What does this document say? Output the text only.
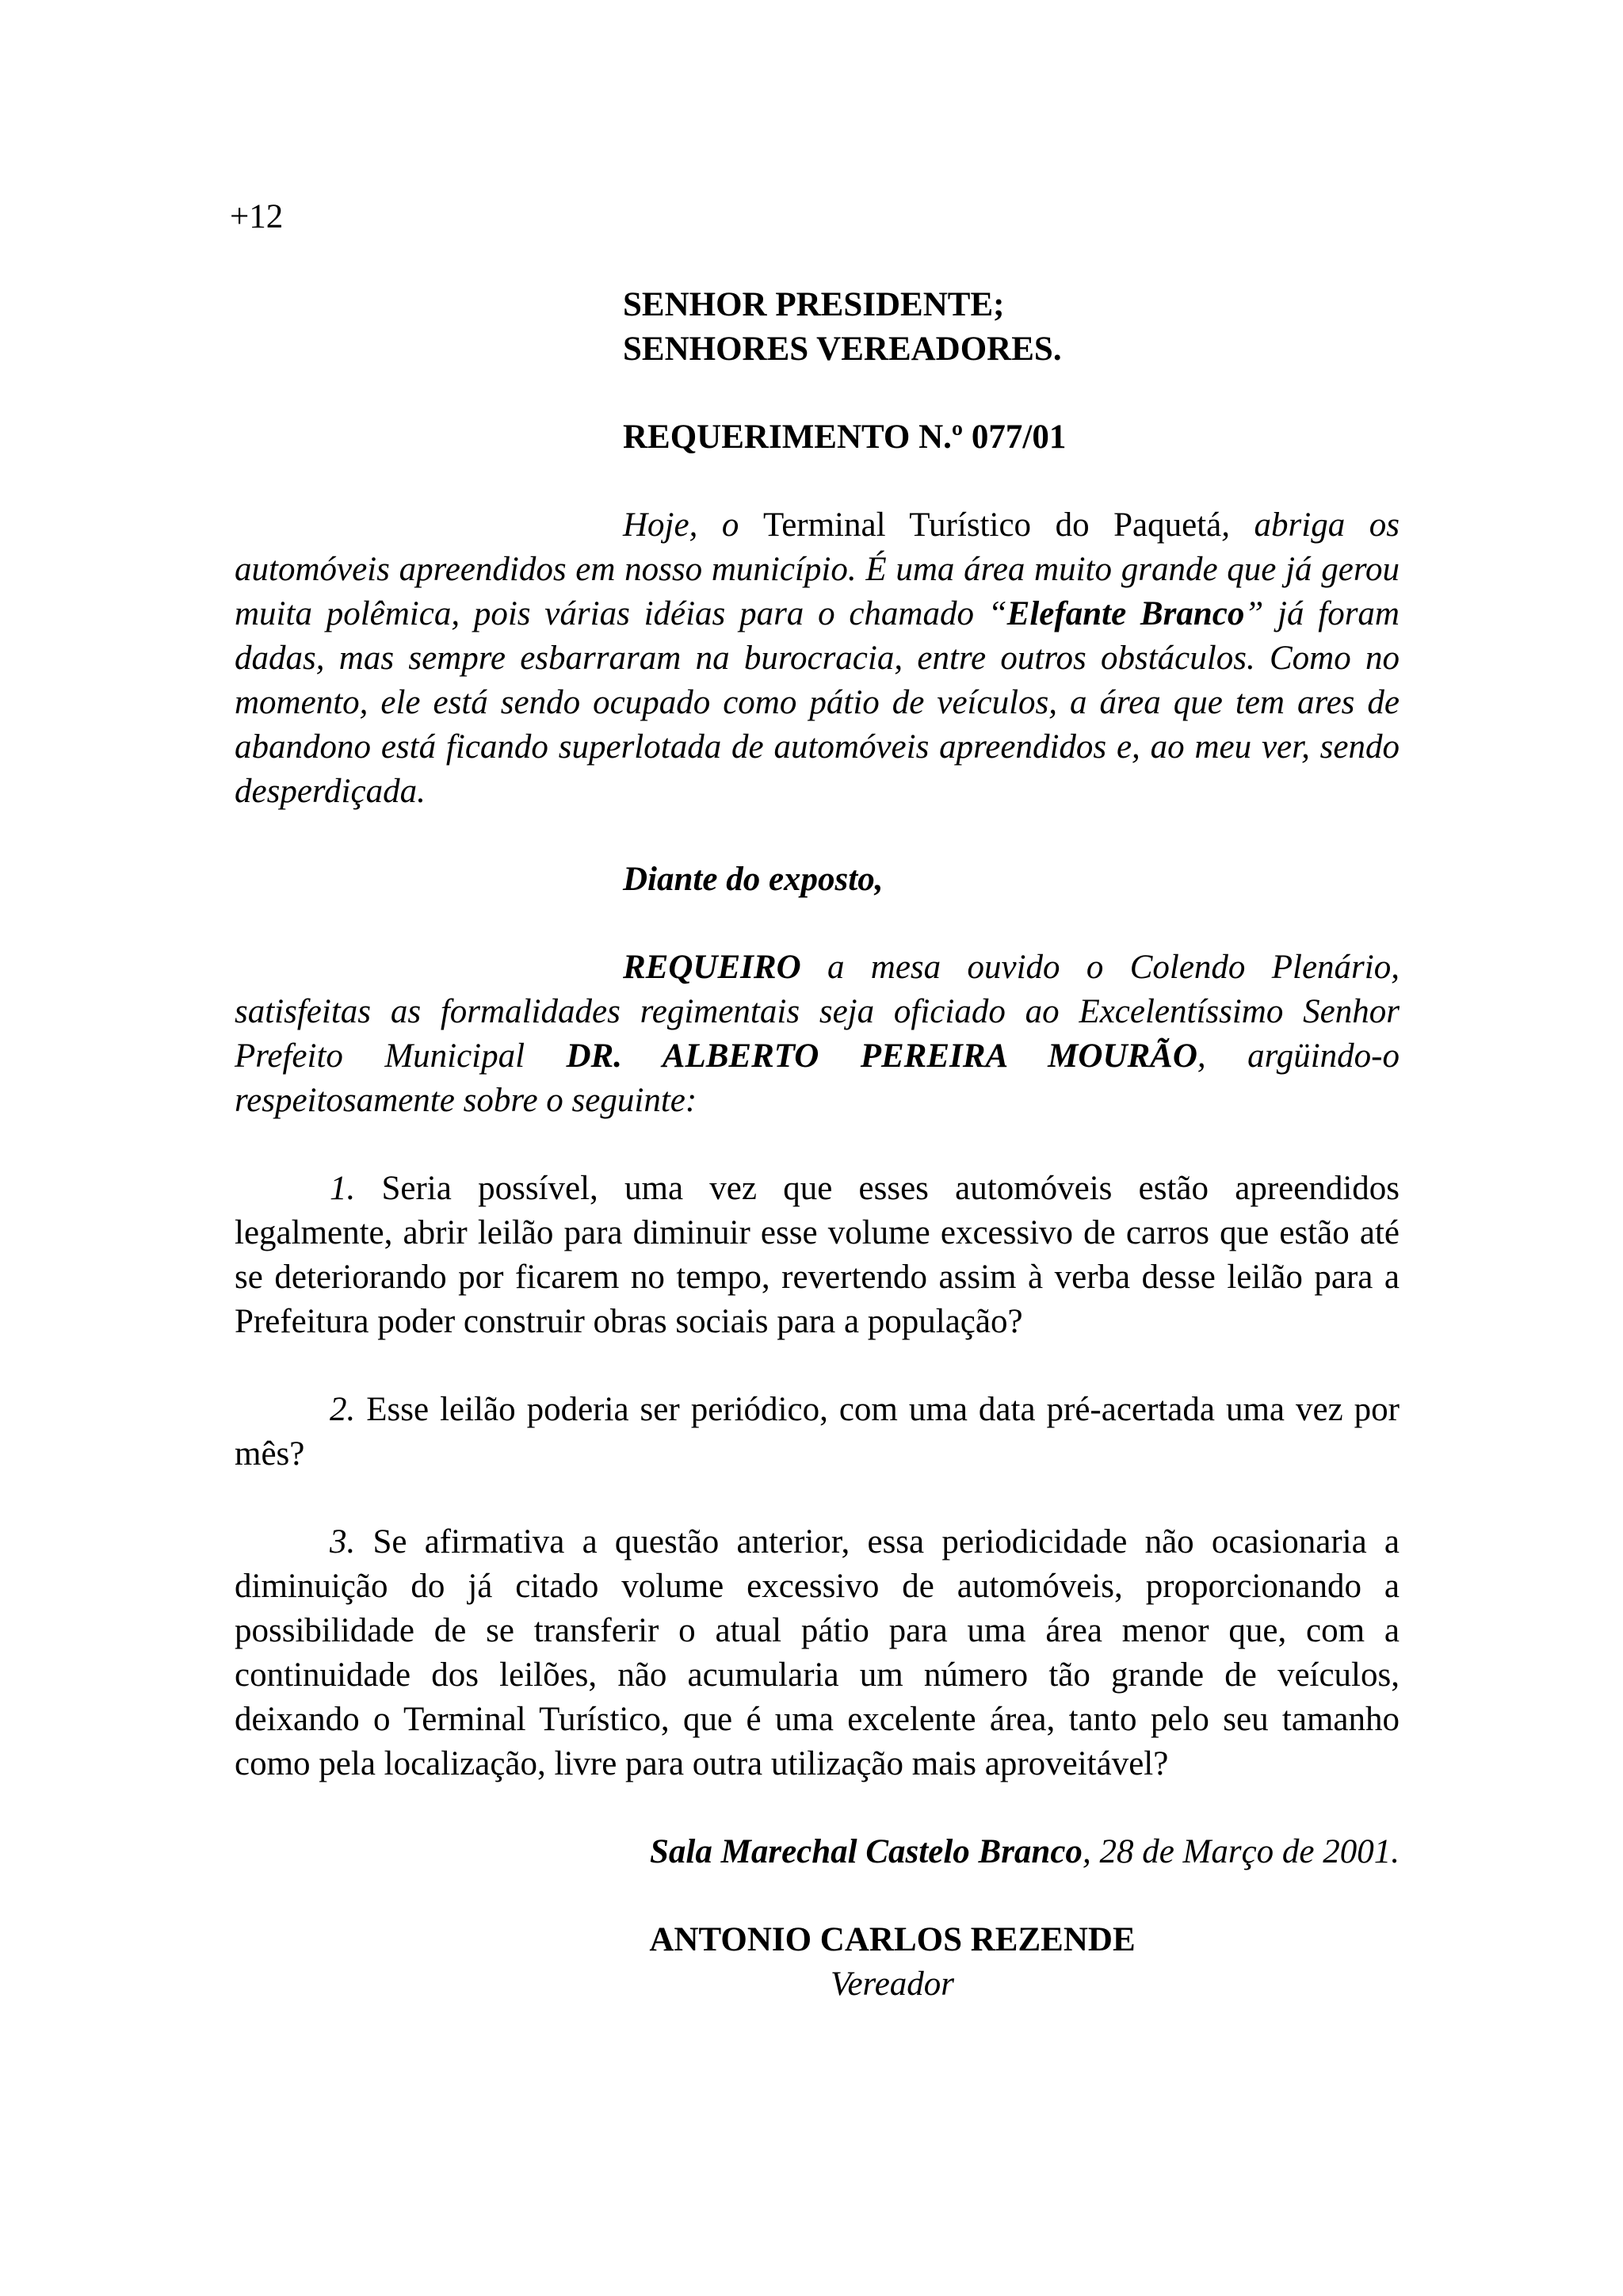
+12
SENHOR PRESIDENTE;
SENHORES VEREADORES.
REQUERIMENTO N.º 077/01

Hoje, o Terminal Turístico do Paquetá, abriga os automóveis apreendidos em nosso município. É uma área muito grande que já gerou muita polêmica, pois várias idéias para o chamado “Elefante Branco” já foram dadas, mas sempre esbarraram na burocracia, entre outros obstáculos. Como no momento, ele está sendo ocupado como pátio de veículos, a área que tem ares de abandono está ficando superlotada de automóveis apreendidos e, ao meu ver, sendo desperdiçada.

Diante do exposto,

REQUEIRO a mesa ouvido o Colendo Plenário, satisfeitas as formalidades regimentais seja oficiado ao Excelentíssimo Senhor Prefeito Municipal DR. ALBERTO PEREIRA MOURÃO, argüindo-o respeitosamente sobre o seguinte:

1. Seria possível, uma vez que esses automóveis estão apreendidos legalmente, abrir leilão para diminuir esse volume excessivo de carros que estão até se deteriorando por ficarem no tempo, revertendo assim à verba desse leilão para a Prefeitura poder construir obras sociais para a população?

2. Esse leilão poderia ser periódico, com uma data pré-acertada uma vez por mês?

3. Se afirmativa a questão anterior, essa periodicidade não ocasionaria a diminuição do já citado volume excessivo de automóveis, proporcionando a possibilidade de se transferir o atual pátio para uma área menor que, com a continuidade dos leilões, não acumularia um número tão grande de veículos, deixando o Terminal Turístico, que é uma excelente área, tanto pelo seu tamanho como pela localização, livre para outra utilização mais aproveitável?

Sala Marechal Castelo Branco, 28 de Março de 2001.
ANTONIO CARLOS REZENDE
Vereador
